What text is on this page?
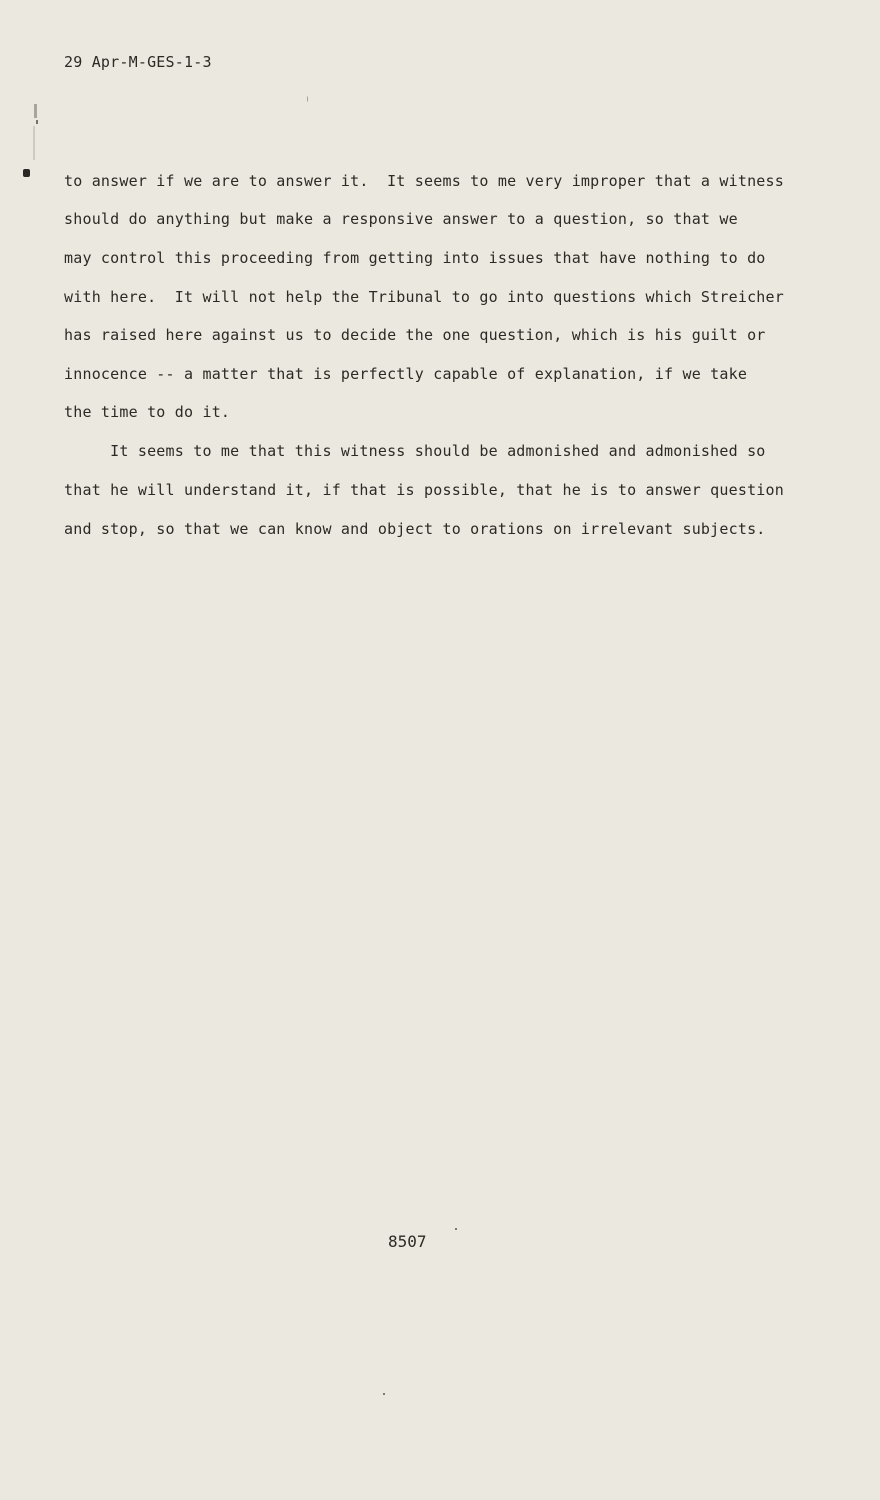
29 Apr-M-GES-1-3
to answer if we are to answer it.  It seems to me very improper that a witness
should do anything but make a responsive answer to a question, so that we
may control this proceeding from getting into issues that have nothing to do
with here.  It will not help the Tribunal to go into questions which Streicher
has raised here against us to decide the one question, which is his guilt or
innocence -- a matter that is perfectly capable of explanation, if we take
the time to do it.
It seems to me that this witness should be admonished and admonished so
that he will understand it, if that is possible, that he is to answer question
and stop, so that we can know and object to orations on irrelevant subjects.
8507
